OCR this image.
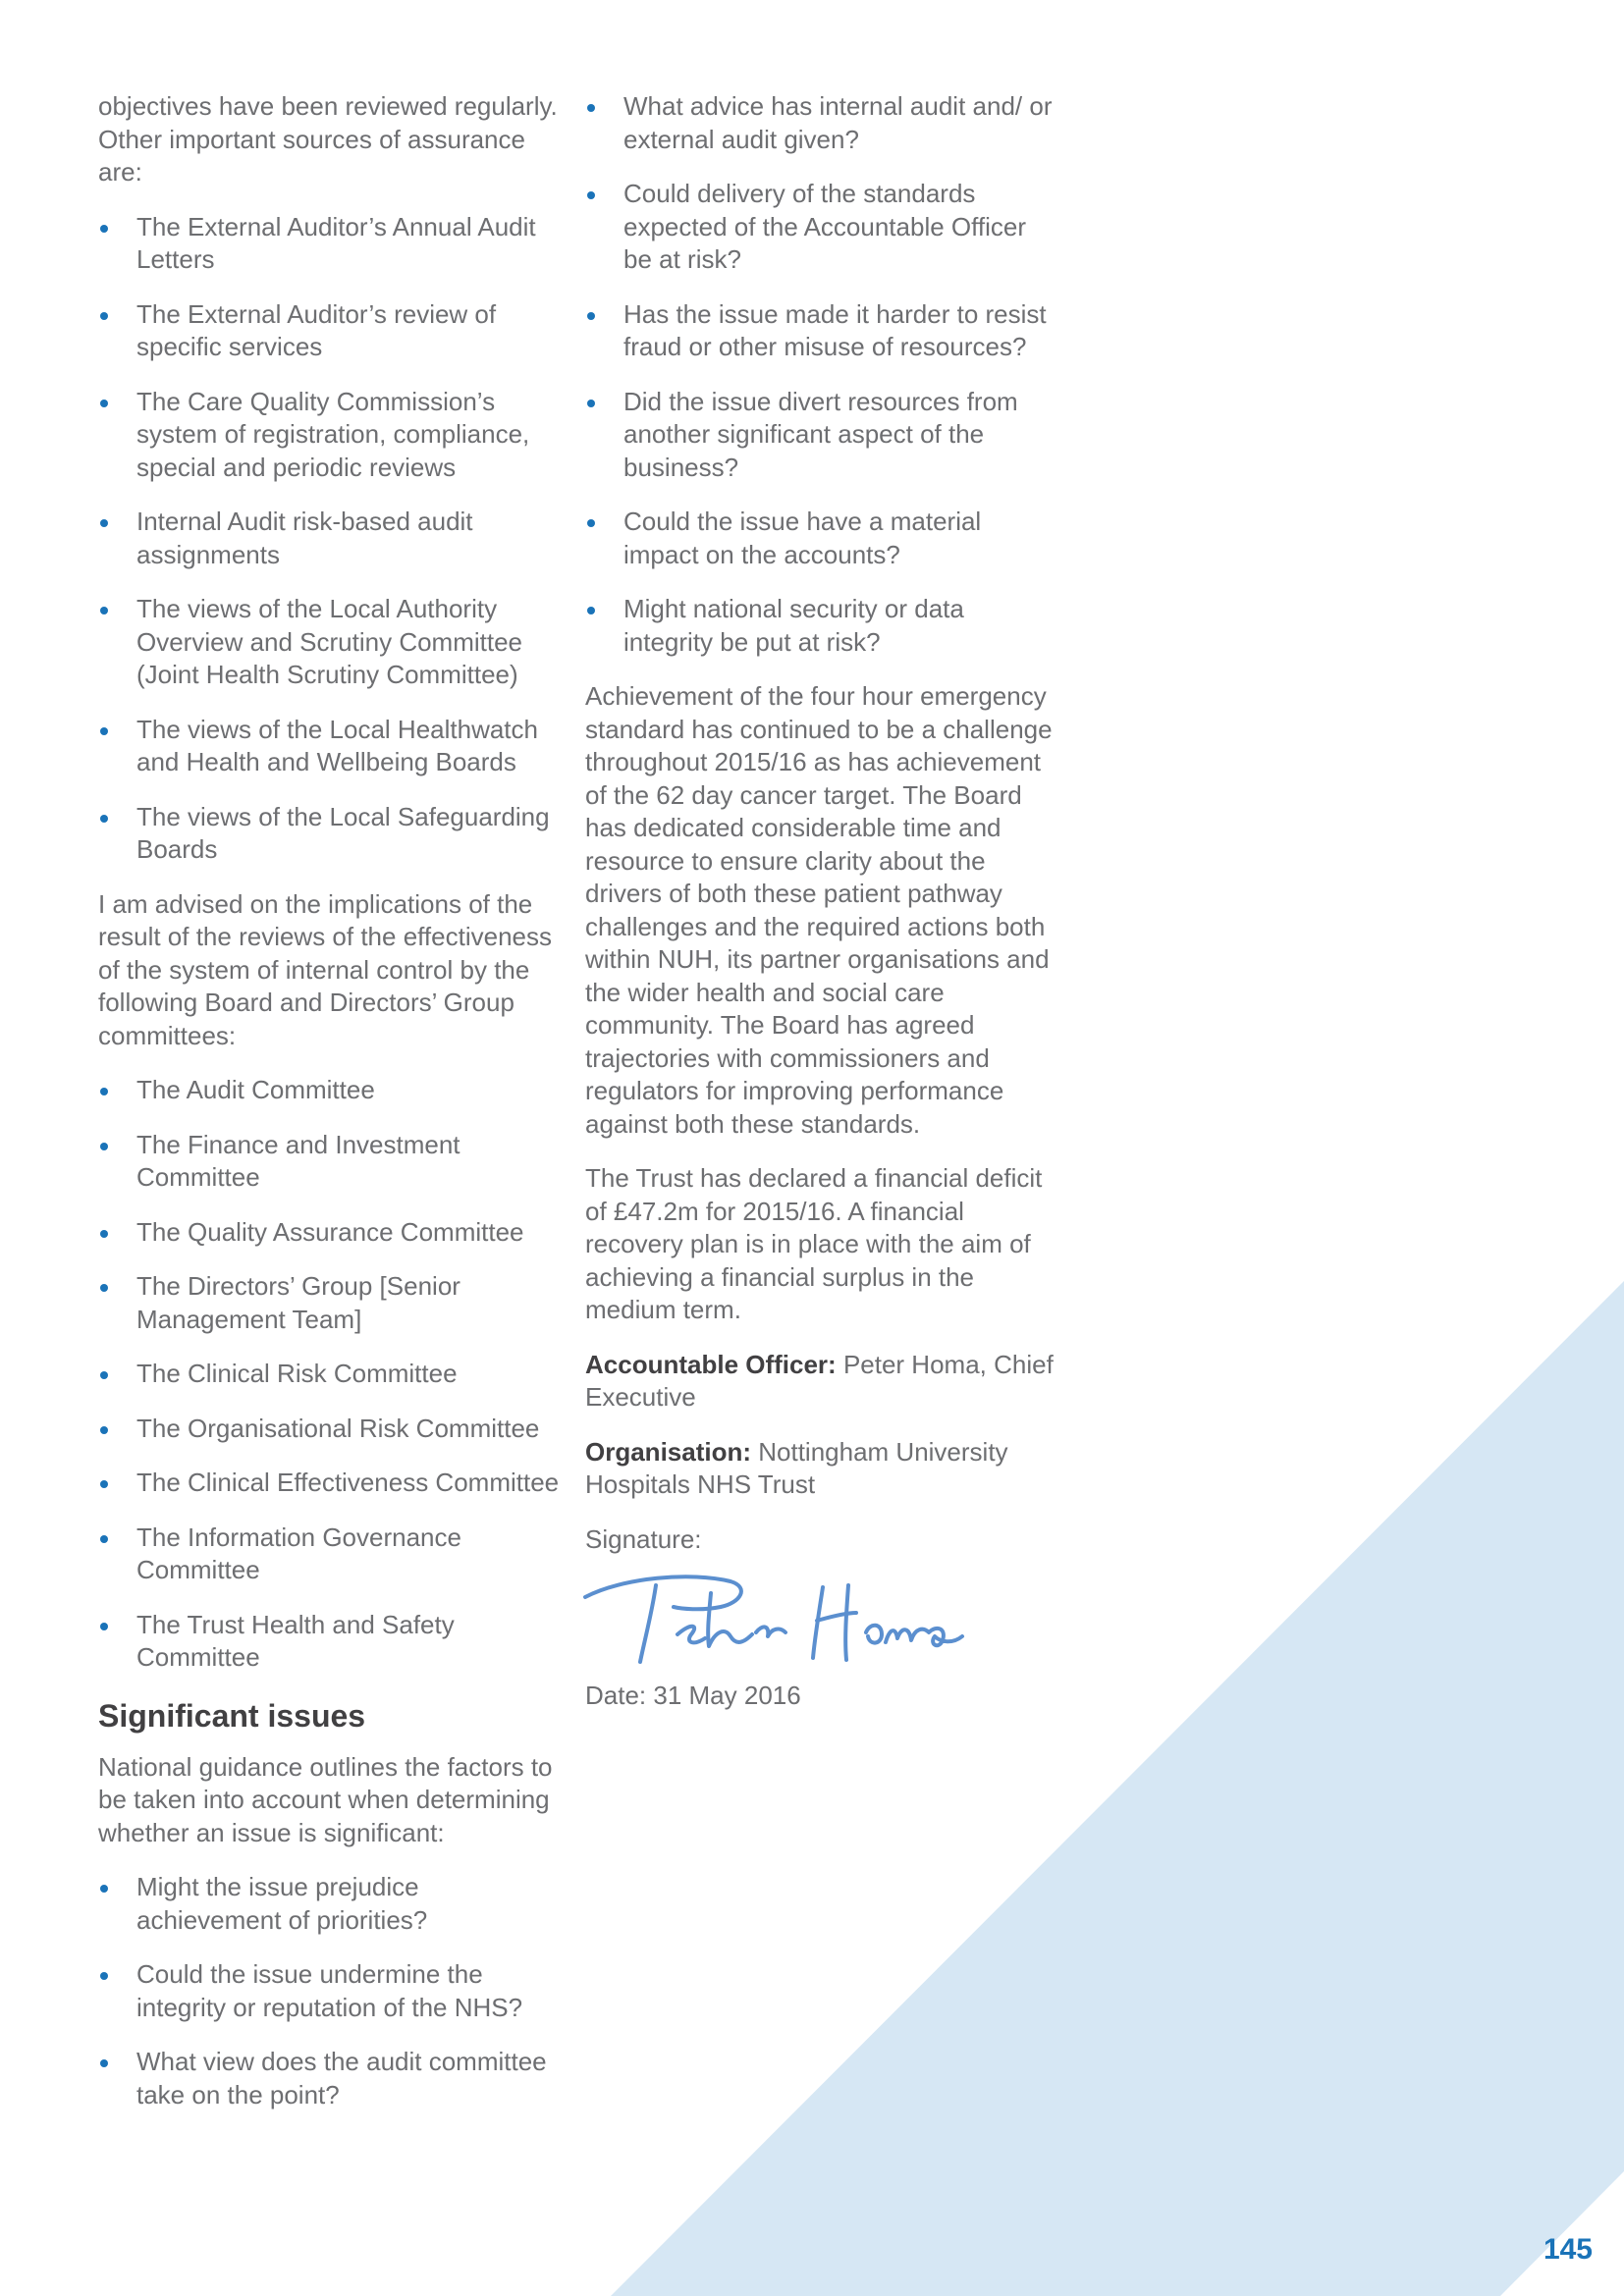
objectives have been reviewed regularly. Other important sources of assurance are:

The External Auditor’s Annual Audit Letters
The External Auditor’s review of specific services
The Care Quality Commission’s system of registration, compliance, special and periodic reviews
Internal Audit risk-based audit assignments
The views of the Local Authority Overview and Scrutiny Committee (Joint Health Scrutiny Committee)
The views of the Local Healthwatch and Health and Wellbeing Boards
The views of the Local Safeguarding Boards

I am advised on the implications of the result of the reviews of the effectiveness of the system of internal control by the following Board and Directors’ Group committees:

The Audit Committee
The Finance and Investment Committee
The Quality Assurance Committee
The Directors’ Group [Senior Management Team]
The Clinical Risk Committee
The Organisational Risk Committee
The Clinical Effectiveness Committee
The Information Governance Committee
The Trust Health and Safety Committee
Significant issues

National guidance outlines the factors to be taken into account when determining whether an issue is significant:

Might the issue prejudice achievement of priorities?
Could the issue undermine the integrity or reputation of the NHS?
What view does the audit committee take on the point?
What advice has internal audit and/ or external audit given?
Could delivery of the standards expected of the Accountable Officer be at risk?
Has the issue made it harder to resist fraud or other misuse of resources?
Did the issue divert resources from another significant aspect of the business?
Could the issue have a material impact on the accounts?
Might national security or data integrity be put at risk?

Achievement of the four hour emergency standard has continued to be a challenge throughout 2015/16 as has achievement of the 62 day cancer target. The Board has dedicated considerable time and resource to ensure clarity about the drivers of both these patient pathway challenges and the required actions both within NUH, its partner organisations and the wider health and social care community. The Board has agreed trajectories with commissioners and regulators for improving performance against both these standards.

The Trust has declared a financial deficit of £47.2m for 2015/16. A financial recovery plan is in place with the aim of achieving a financial surplus in the medium term.

Accountable Officer: Peter Homa, Chief Executive

Organisation: Nottingham University Hospitals NHS Trust

Signature:

Date: 31 May 2016

145
